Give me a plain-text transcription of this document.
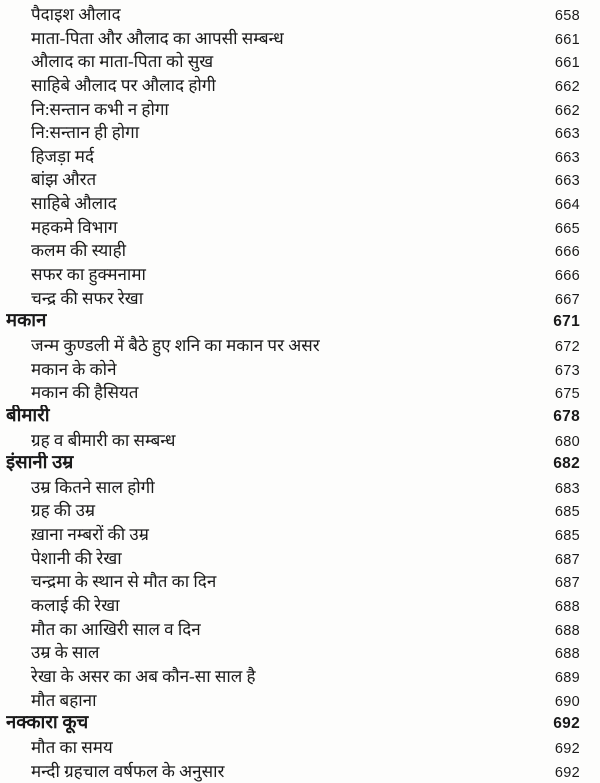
पैदाइश औलाद	658
माता-पिता और औलाद का आपसी सम्बन्ध	661
औलाद का माता-पिता को सुख	661
साहिबे औलाद पर औलाद होगी	662
नि:सन्तान कभी न होगा	662
नि:सन्तान ही होगा	663
हिजड़ा मर्द	663
बांझ औरत	663
साहिबे औलाद	664
महकमे विभाग	665
कलम की स्याही	666
सफर का हुक्मनामा	666
चन्द्र की सफर रेखा	667
मकान	671
जन्म कुण्डली में बैठे हुए शनि का मकान पर असर	672
मकान के कोने	673
मकान की हैसियत	675
बीमारी	678
ग्रह व बीमारी का सम्बन्ध	680
इंसानी उम्र	682
उम्र कितने साल होगी	683
ग्रह की उम्र	685
ख़ाना नम्बरों की उम्र	685
पेशानी की रेखा	687
चन्द्रमा के स्थान से मौत का दिन	687
कलाई की रेखा	688
मौत का आखिरी साल व दिन	688
उम्र के साल	688
रेखा के असर का अब कौन-सा साल है	689
मौत बहाना	690
नक्कारा कूच	692
मौत का समय	692
मन्दी ग्रहचाल वर्षफल के अनुसार	692
